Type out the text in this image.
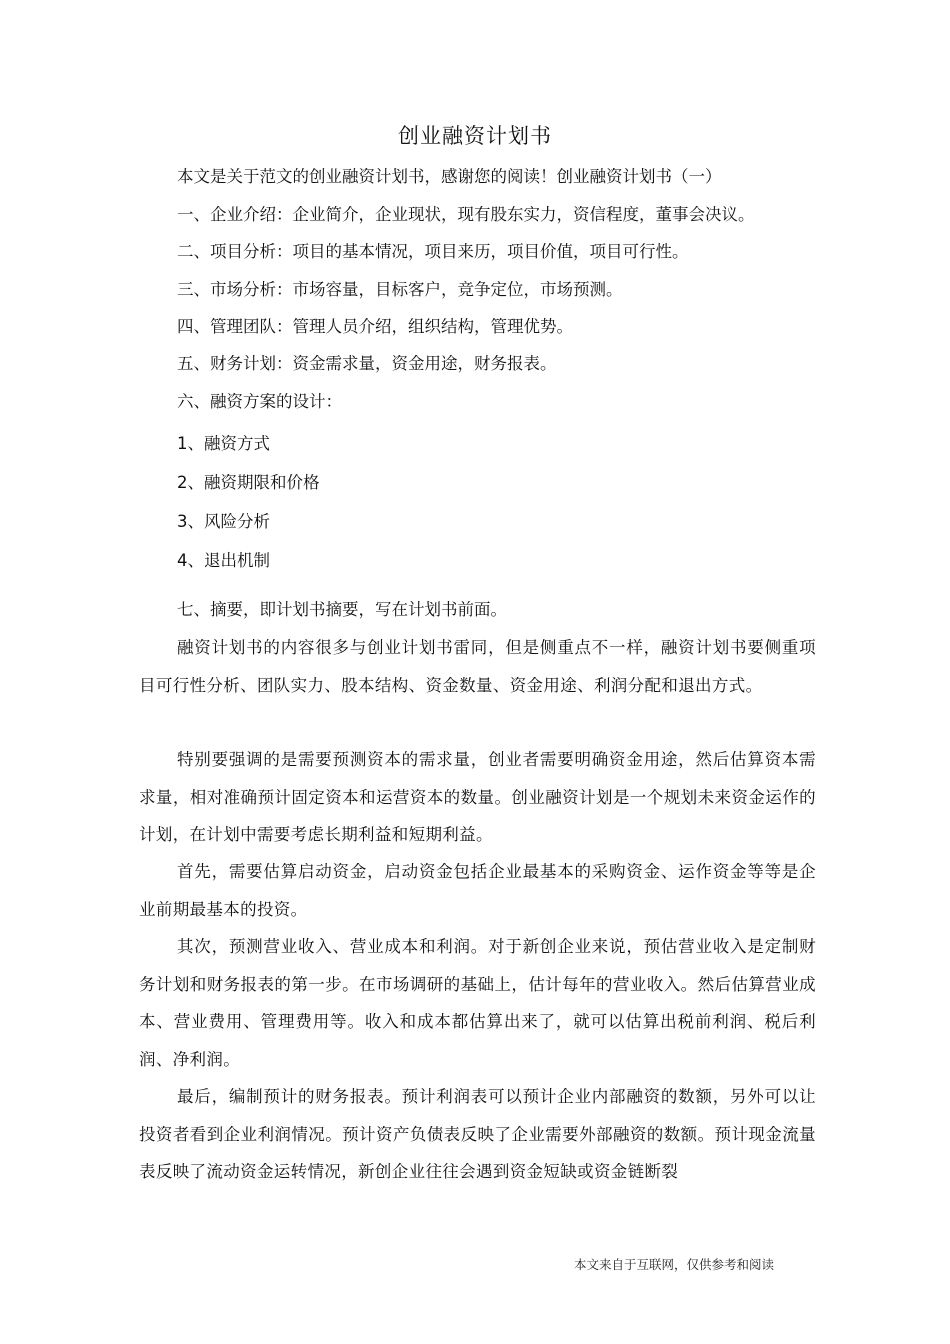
创业融资计划书
本文是关于范文的创业融资计划书，感谢您的阅读！创业融资计划书（一）
一、企业介绍：企业简介，企业现状，现有股东实力，资信程度，董事会决议。
二、项目分析：项目的基本情况，项目来历，项目价值，项目可行性。
三、市场分析：市场容量，目标客户，竞争定位，市场预测。
四、管理团队：管理人员介绍，组织结构，管理优势。
五、财务计划：资金需求量，资金用途，财务报表。
六、融资方案的设计：
1、融资方式
2、融资期限和价格
3、风险分析
4、退出机制
七、摘要，即计划书摘要，写在计划书前面。
融资计划书的内容很多与创业计划书雷同，但是侧重点不一样，融资计划书要侧重项目可行性分析、团队实力、股本结构、资金数量、资金用途、利润分配和退出方式。
特别要强调的是需要预测资本的需求量，创业者需要明确资金用途，然后估算资本需求量，相对准确预计固定资本和运营资本的数量。创业融资计划是一个规划未来资金运作的计划，在计划中需要考虑长期利益和短期利益。
首先，需要估算启动资金，启动资金包括企业最基本的采购资金、运作资金等等是企业前期最基本的投资。
其次，预测营业收入、营业成本和利润。对于新创企业来说，预估营业收入是定制财务计划和财务报表的第一步。在市场调研的基础上，估计每年的营业收入。然后估算营业成本、营业费用、管理费用等。收入和成本都估算出来了，就可以估算出税前利润、税后利润、净利润。
最后，编制预计的财务报表。预计利润表可以预计企业内部融资的数额，另外可以让投资者看到企业利润情况。预计资产负债表反映了企业需要外部融资的数额。预计现金流量表反映了流动资金运转情况，新创企业往往会遇到资金短缺或资金链断裂
本文来自于互联网，仅供参考和阅读
